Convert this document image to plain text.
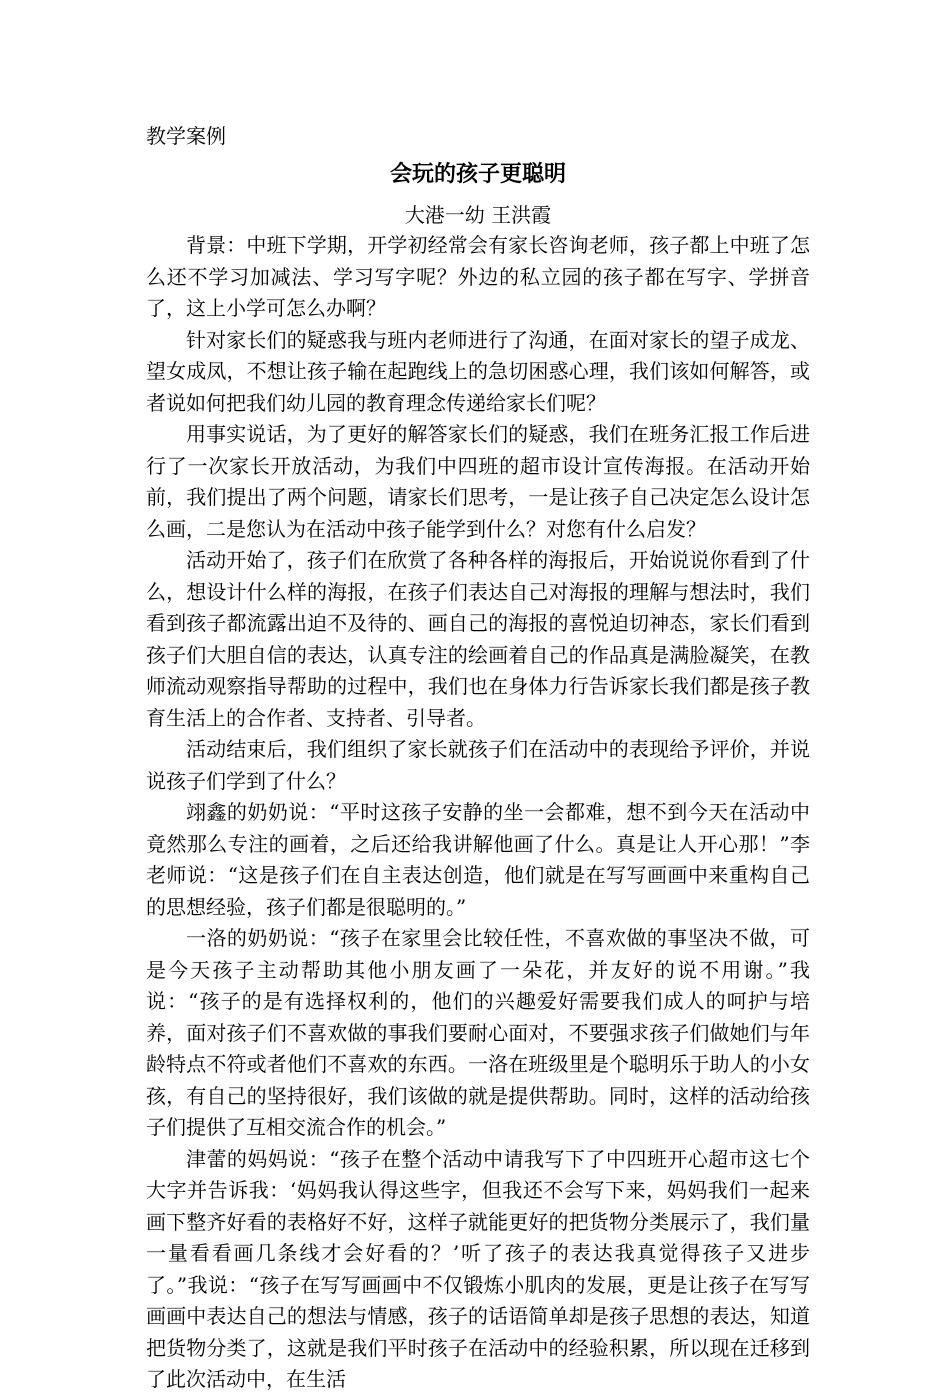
教学案例

会玩的孩子更聪明

大港一幼 王洪霞

背景：中班下学期，开学初经常会有家长咨询老师，孩子都上中班了怎么还不学习加减法、学习写字呢？外边的私立园的孩子都在写字、学拼音了，这上小学可怎么办啊？

针对家长们的疑惑我与班内老师进行了沟通，在面对家长的望子成龙、望女成凤，不想让孩子输在起跑线上的急切困惑心理，我们该如何解答，或者说如何把我们幼儿园的教育理念传递给家长们呢？

用事实说话，为了更好的解答家长们的疑惑，我们在班务汇报工作后进行了一次家长开放活动，为我们中四班的超市设计宣传海报。在活动开始前，我们提出了两个问题，请家长们思考，一是让孩子自己决定怎么设计怎么画，二是您认为在活动中孩子能学到什么？对您有什么启发？

活动开始了，孩子们在欣赏了各种各样的海报后，开始说说你看到了什么，想设计什么样的海报，在孩子们表达自己对海报的理解与想法时，我们看到孩子都流露出迫不及待的、画自己的海报的喜悦迫切神态，家长们看到孩子们大胆自信的表达，认真专注的绘画着自己的作品真是满脸凝笑，在教师流动观察指导帮助的过程中，我们也在身体力行告诉家长我们都是孩子教育生活上的合作者、支持者、引导者。

活动结束后，我们组织了家长就孩子们在活动中的表现给予评价，并说说孩子们学到了什么？

翊鑫的奶奶说：“平时这孩子安静的坐一会都难，想不到今天在活动中竟然那么专注的画着，之后还给我讲解他画了什么。真是让人开心那！”李老师说：“这是孩子们在自主表达创造，他们就是在写写画画中来重构自己的思想经验，孩子们都是很聪明的。”

一洛的奶奶说：“孩子在家里会比较任性，不喜欢做的事坚决不做，可是今天孩子主动帮助其他小朋友画了一朵花，并友好的说不用谢。”我说：“孩子的是有选择权利的，他们的兴趣爱好需要我们成人的呵护与培养，面对孩子们不喜欢做的事我们要耐心面对，不要强求孩子们做她们与年龄特点不符或者他们不喜欢的东西。一洛在班级里是个聪明乐于助人的小女孩，有自己的坚持很好，我们该做的就是提供帮助。同时，这样的活动给孩子们提供了互相交流合作的机会。”

津蕾的妈妈说：“孩子在整个活动中请我写下了中四班开心超市这七个大字并告诉我：‘妈妈我认得这些字，但我还不会写下来，妈妈我们一起来画下整齐好看的表格好不好，这样子就能更好的把货物分类展示了，我们量一量看看画几条线才会好看的？’听了孩子的表达我真觉得孩子又进步了。”我说：“孩子在写写画画中不仅锻炼小肌肉的发展，更是让孩子在写写画画中表达自己的想法与情感，孩子的话语简单却是孩子思想的表达，知道把货物分类了，这就是我们平时孩子在活动中的经验积累，所以现在迁移到了此次活动中，在生活
